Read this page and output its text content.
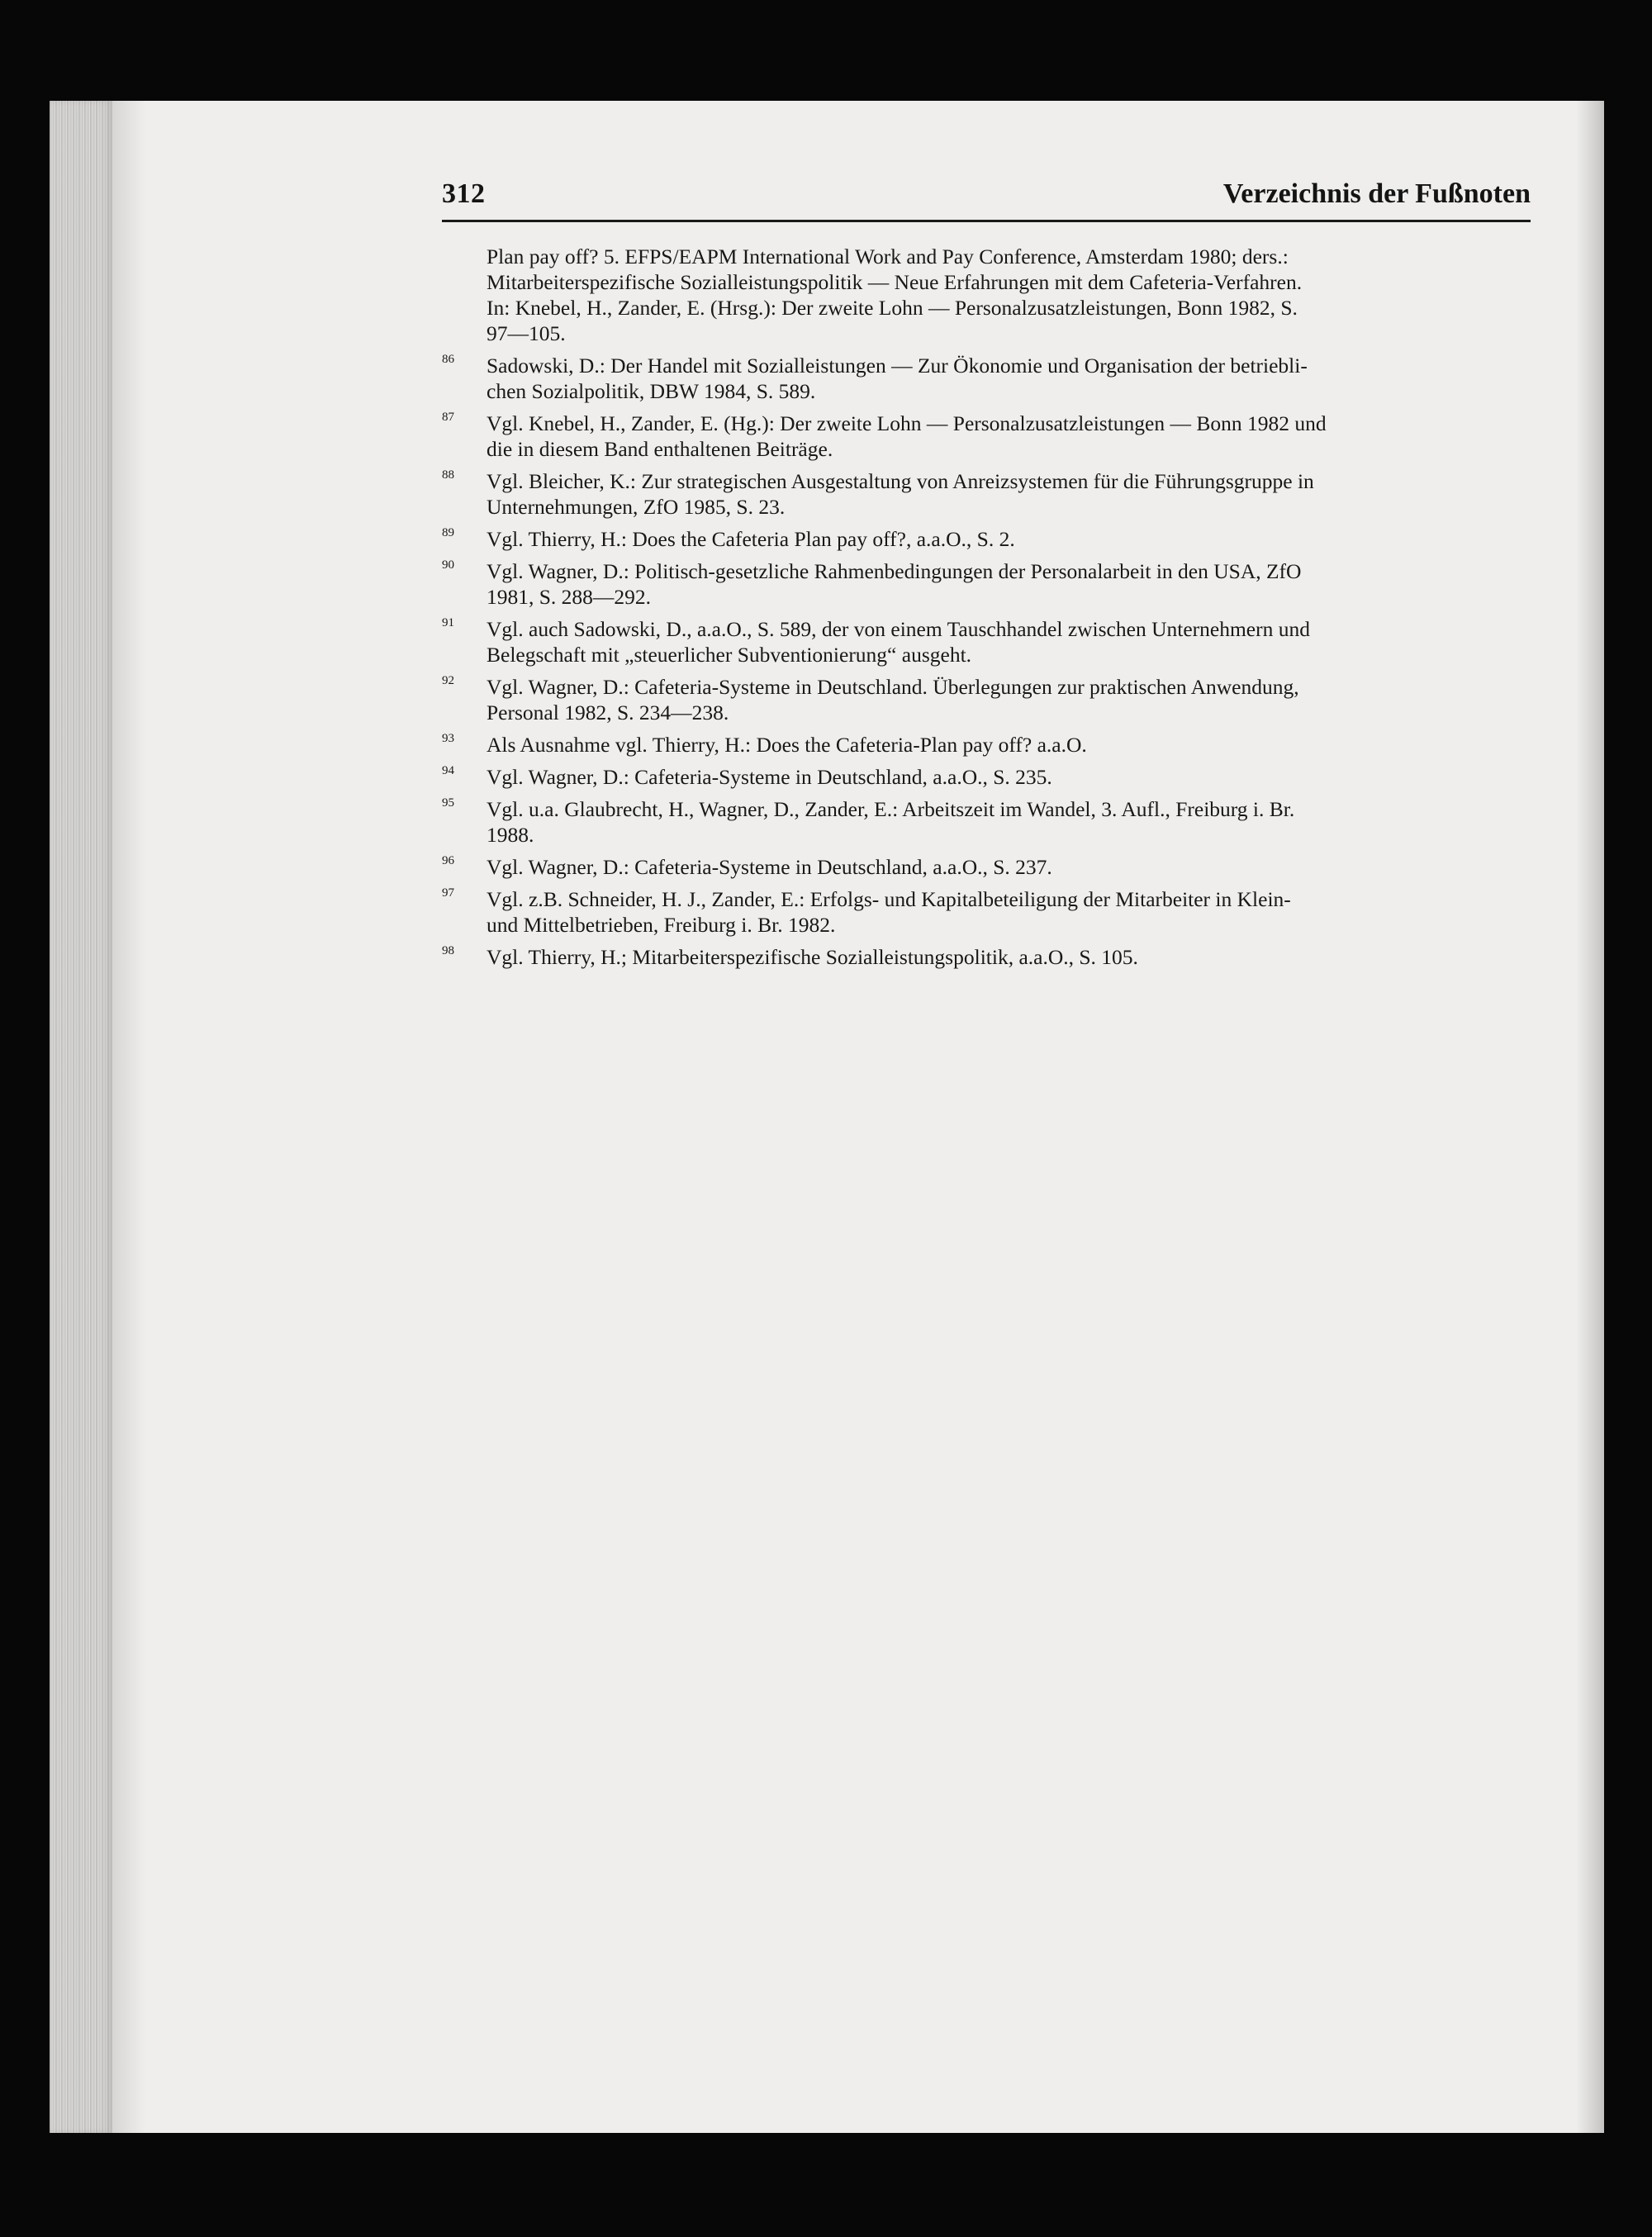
312	Verzeichnis der Fußnoten
Plan pay off? 5. EFPS/EAPM International Work and Pay Conference, Amsterdam 1980; ders.:
Mitarbeiterspezifische Sozialleistungspolitik — Neue Erfahrungen mit dem Cafeteria-Verfahren.
In: Knebel, H., Zander, E. (Hrsg.): Der zweite Lohn — Personalzusatzleistungen, Bonn 1982, S.
97—105.
86 Sadowski, D.: Der Handel mit Sozialleistungen — Zur Ökonomie und Organisation der betriebli-
chen Sozialpolitik, DBW 1984, S. 589.
87 Vgl. Knebel, H., Zander, E. (Hg.): Der zweite Lohn — Personalzusatzleistungen — Bonn 1982 und
die in diesem Band enthaltenen Beiträge.
88 Vgl. Bleicher, K.: Zur strategischen Ausgestaltung von Anreizsystemen für die Führungsgruppe in
Unternehmungen, ZfO 1985, S. 23.
89 Vgl. Thierry, H.: Does the Cafeteria Plan pay off?, a.a.O., S. 2.
90 Vgl. Wagner, D.: Politisch-gesetzliche Rahmenbedingungen der Personalarbeit in den USA, ZfO
1981, S. 288—292.
91 Vgl. auch Sadowski, D., a.a.O., S. 589, der von einem Tauschhandel zwischen Unternehmern und
Belegschaft mit „steuerlicher Subventionierung“ ausgeht.
92 Vgl. Wagner, D.: Cafeteria-Systeme in Deutschland. Überlegungen zur praktischen Anwendung,
Personal 1982, S. 234—238.
93 Als Ausnahme vgl. Thierry, H.: Does the Cafeteria-Plan pay off? a.a.O.
94 Vgl. Wagner, D.: Cafeteria-Systeme in Deutschland, a.a.O., S. 235.
95 Vgl. u.a. Glaubrecht, H., Wagner, D., Zander, E.: Arbeitszeit im Wandel, 3. Aufl., Freiburg i. Br.
1988.
96 Vgl. Wagner, D.: Cafeteria-Systeme in Deutschland, a.a.O., S. 237.
97 Vgl. z.B. Schneider, H. J., Zander, E.: Erfolgs- und Kapitalbeteiligung der Mitarbeiter in Klein-
und Mittelbetrieben, Freiburg i. Br. 1982.
98 Vgl. Thierry, H.; Mitarbeiterspezifische Sozialleistungspolitik, a.a.O., S. 105.
